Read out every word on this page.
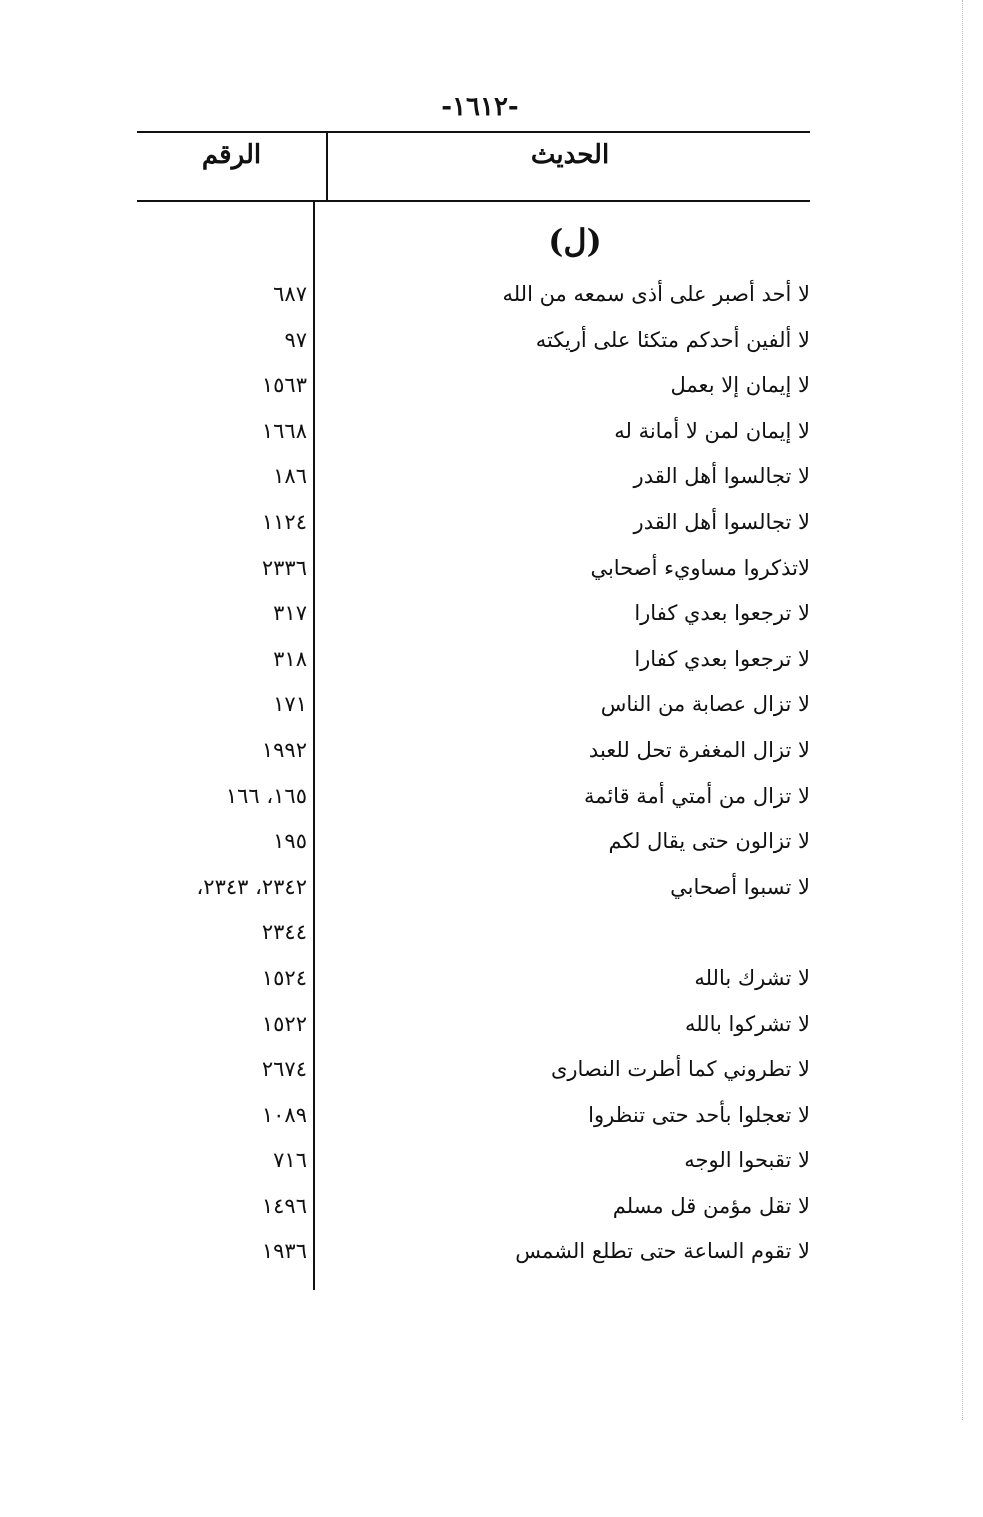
-١٦١٢-
الحديث
الرقم
(ل)
لا أحد أصبر على أذى سمعه من الله
٦٨٧
لا ألفين أحدكم متكئا على أريكته
٩٧
لا إيمان إلا بعمل
١٥٦٣
لا إيمان لمن لا أمانة له
١٦٦٨
لا تجالسوا أهل القدر
١٨٦
لا تجالسوا أهل القدر
١١٢٤
لاتذكروا مساويء أصحابي
٢٣٣٦
لا ترجعوا بعدي كفارا
٣١٧
لا ترجعوا بعدي كفارا
٣١٨
لا تزال عصابة من الناس
١٧١
لا تزال المغفرة تحل للعبد
١٩٩٢
لا تزال من أمتي أمة قائمة
١٦٥، ١٦٦
لا تزالون حتى يقال لكم
١٩٥
لا تسبوا أصحابي
٢٣٤٢، ٢٣٤٣،
٢٣٤٤
لا تشرك بالله
١٥٢٤
لا تشركوا بالله
١٥٢٢
لا تطروني كما أطرت النصارى
٢٦٧٤
لا تعجلوا بأحد حتى تنظروا
١٠٨٩
لا تقبحوا الوجه
٧١٦
لا تقل مؤمن قل مسلم
١٤٩٦
لا تقوم الساعة حتى تطلع الشمس
١٩٣٦
